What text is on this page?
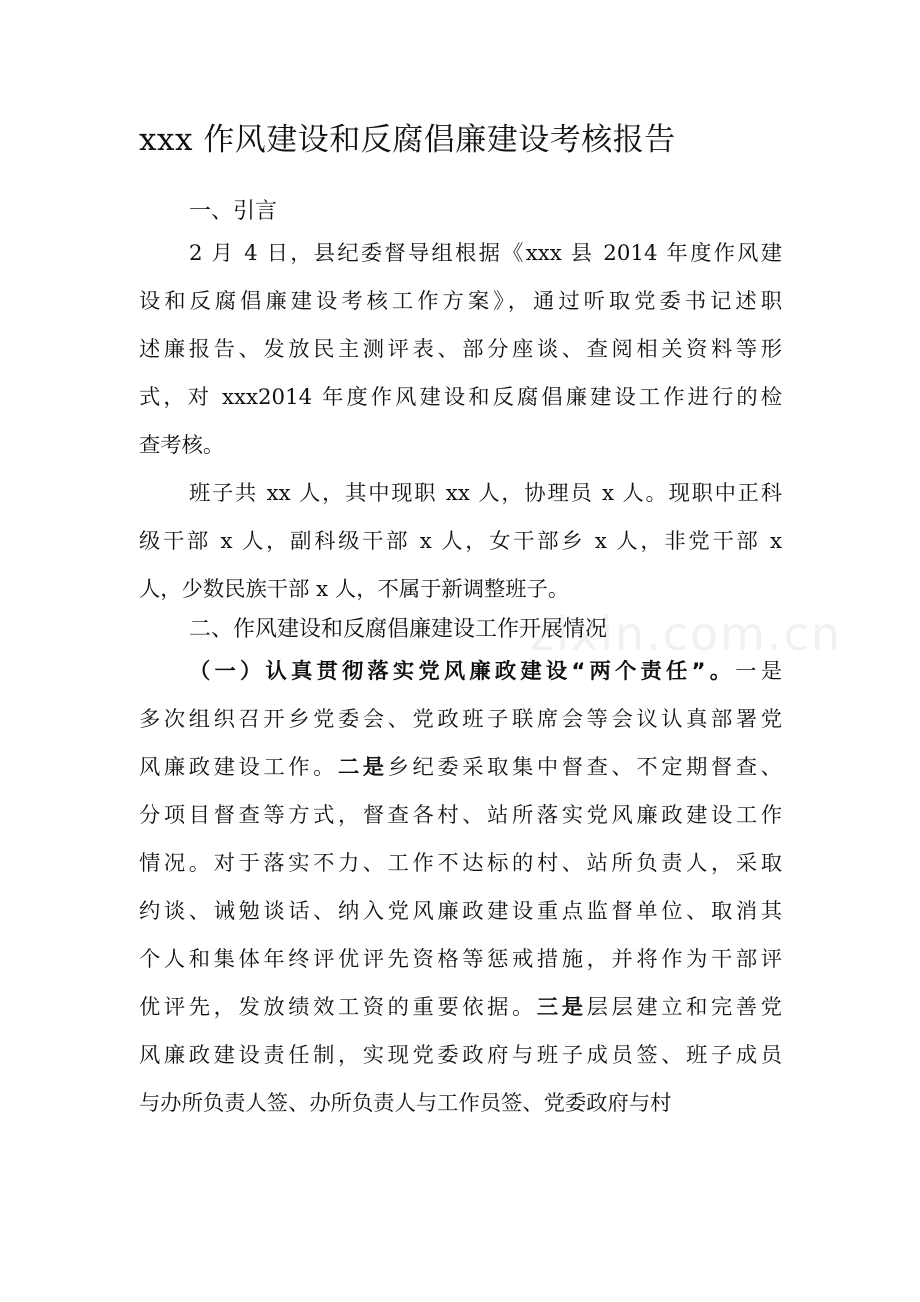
xxx 作风建设和反腐倡廉建设考核报告
zixin.com.cn
一、引言
2 月 4 日，县纪委督导组根据《xxx 县 2014 年度作风建
设和反腐倡廉建设考核工作方案》，通过听取党委书记述职
述廉报告、发放民主测评表、部分座谈、查阅相关资料等形
式，对 xxx2014 年度作风建设和反腐倡廉建设工作进行的检
查考核。
班子共 xx 人，其中现职 xx 人，协理员 x 人。现职中正科
级干部 x 人，副科级干部 x 人，女干部乡 x 人，非党干部 x
人，少数民族干部 x 人，不属于新调整班子。
二、作风建设和反腐倡廉建设工作开展情况
（一）认真贯彻落实党风廉政建设“两个责任”。一是
多次组织召开乡党委会、党政班子联席会等会议认真部署党
风廉政建设工作。二是乡纪委采取集中督查、不定期督查、
分项目督查等方式，督查各村、站所落实党风廉政建设工作
情况。对于落实不力、工作不达标的村、站所负责人，采取
约谈、诫勉谈话、纳入党风廉政建设重点监督单位、取消其
个人和集体年终评优评先资格等惩戒措施，并将作为干部评
优评先，发放绩效工资的重要依据。三是层层建立和完善党
风廉政建设责任制，实现党委政府与班子成员签、班子成员
与办所负责人签、办所负责人与工作员签、党委政府与村
